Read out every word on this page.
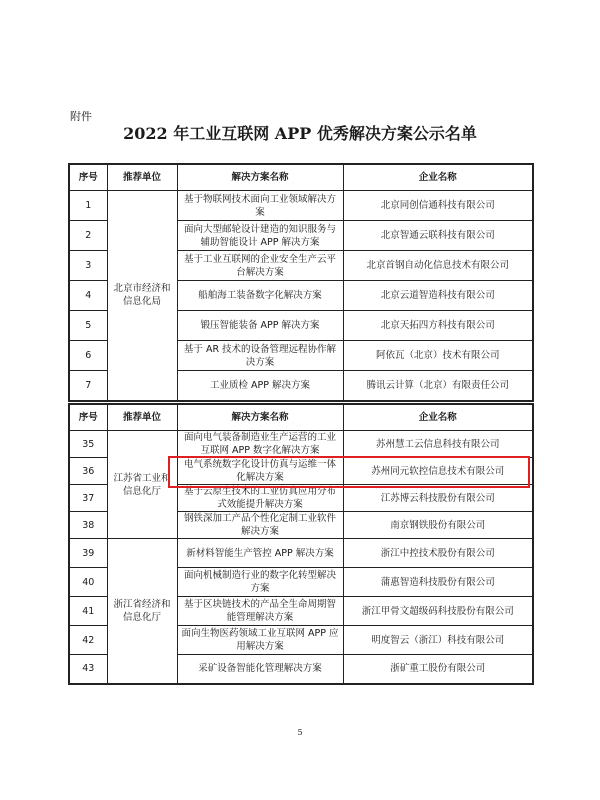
附件
2022 年工业互联网 APP 优秀解决方案公示名单
序号	推荐单位	解决方案名称	企业名称
1	北京市经济和信息化局	基于物联网技术面向工业领域解决方案	北京同创信通科技有限公司
2		面向大型邮轮设计建造的知识服务与辅助智能设计 APP 解决方案	北京智通云联科技有限公司
3		基于工业互联网的企业安全生产云平台解决方案	北京首钢自动化信息技术有限公司
4		船舶海工装备数字化解决方案	北京云道智造科技有限公司
5		锻压智能装备 APP 解决方案	北京天拓四方科技有限公司
6		基于 AR 技术的设备管理远程协作解决方案	阿依瓦（北京）技术有限公司
7		工业质检 APP 解决方案	腾讯云计算（北京）有限责任公司
序号	推荐单位	解决方案名称	企业名称
35	江苏省工业和信息化厅	面向电气装备制造业生产运营的工业互联网 APP 数字化解决方案	苏州慧工云信息科技有限公司
36		电气系统数字化设计仿真与运维一体化解决方案	苏州同元软控信息技术有限公司
37		基于云原生技术的工业仿真应用分布式效能提升解决方案	江苏博云科技股份有限公司
38		钢铁深加工产品个性化定制工业软件解决方案	南京钢铁股份有限公司
39	浙江省经济和信息化厅	新材料智能生产管控 APP 解决方案	浙江中控技术股份有限公司
40		面向机械制造行业的数字化转型解决方案	蒲惠智造科技股份有限公司
41		基于区块链技术的产品全生命周期智能管理解决方案	浙江甲骨文超级码科技股份有限公司
42		面向生物医药领域工业互联网 APP 应用解决方案	明度智云（浙江）科技有限公司
43		采矿设备智能化管理解决方案	浙矿重工股份有限公司
5
